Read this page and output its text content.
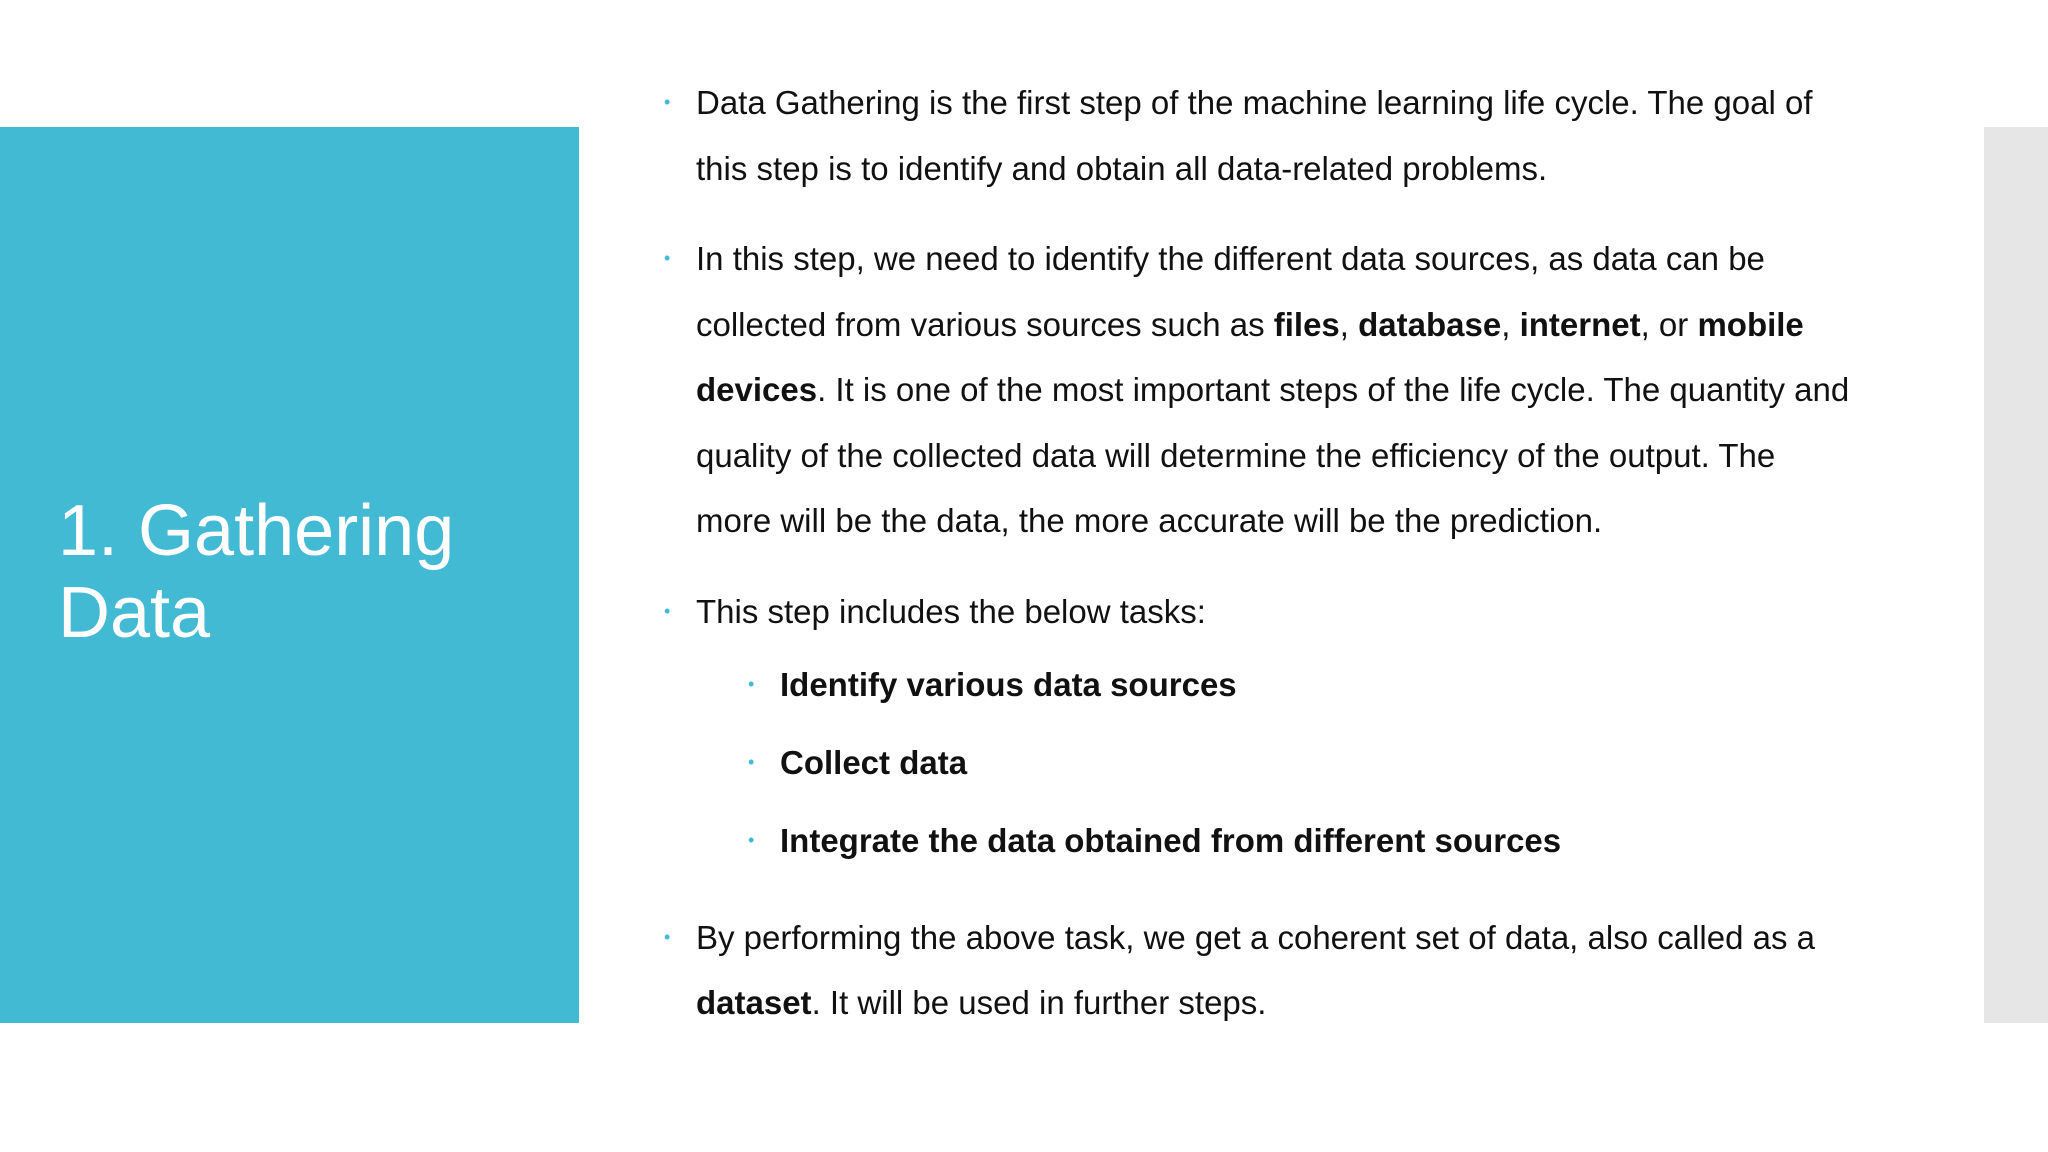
1. Gathering Data

• Data Gathering is the first step of the machine learning life cycle. The goal of this step is to identify and obtain all data-related problems.

• In this step, we need to identify the different data sources, as data can be collected from various sources such as files, database, internet, or mobile devices. It is one of the most important steps of the life cycle. The quantity and quality of the collected data will determine the efficiency of the output. The more will be the data, the more accurate will be the prediction.

• This step includes the below tasks:

• Identify various data sources
• Collect data
• Integrate the data obtained from different sources

• By performing the above task, we get a coherent set of data, also called as a dataset. It will be used in further steps.
